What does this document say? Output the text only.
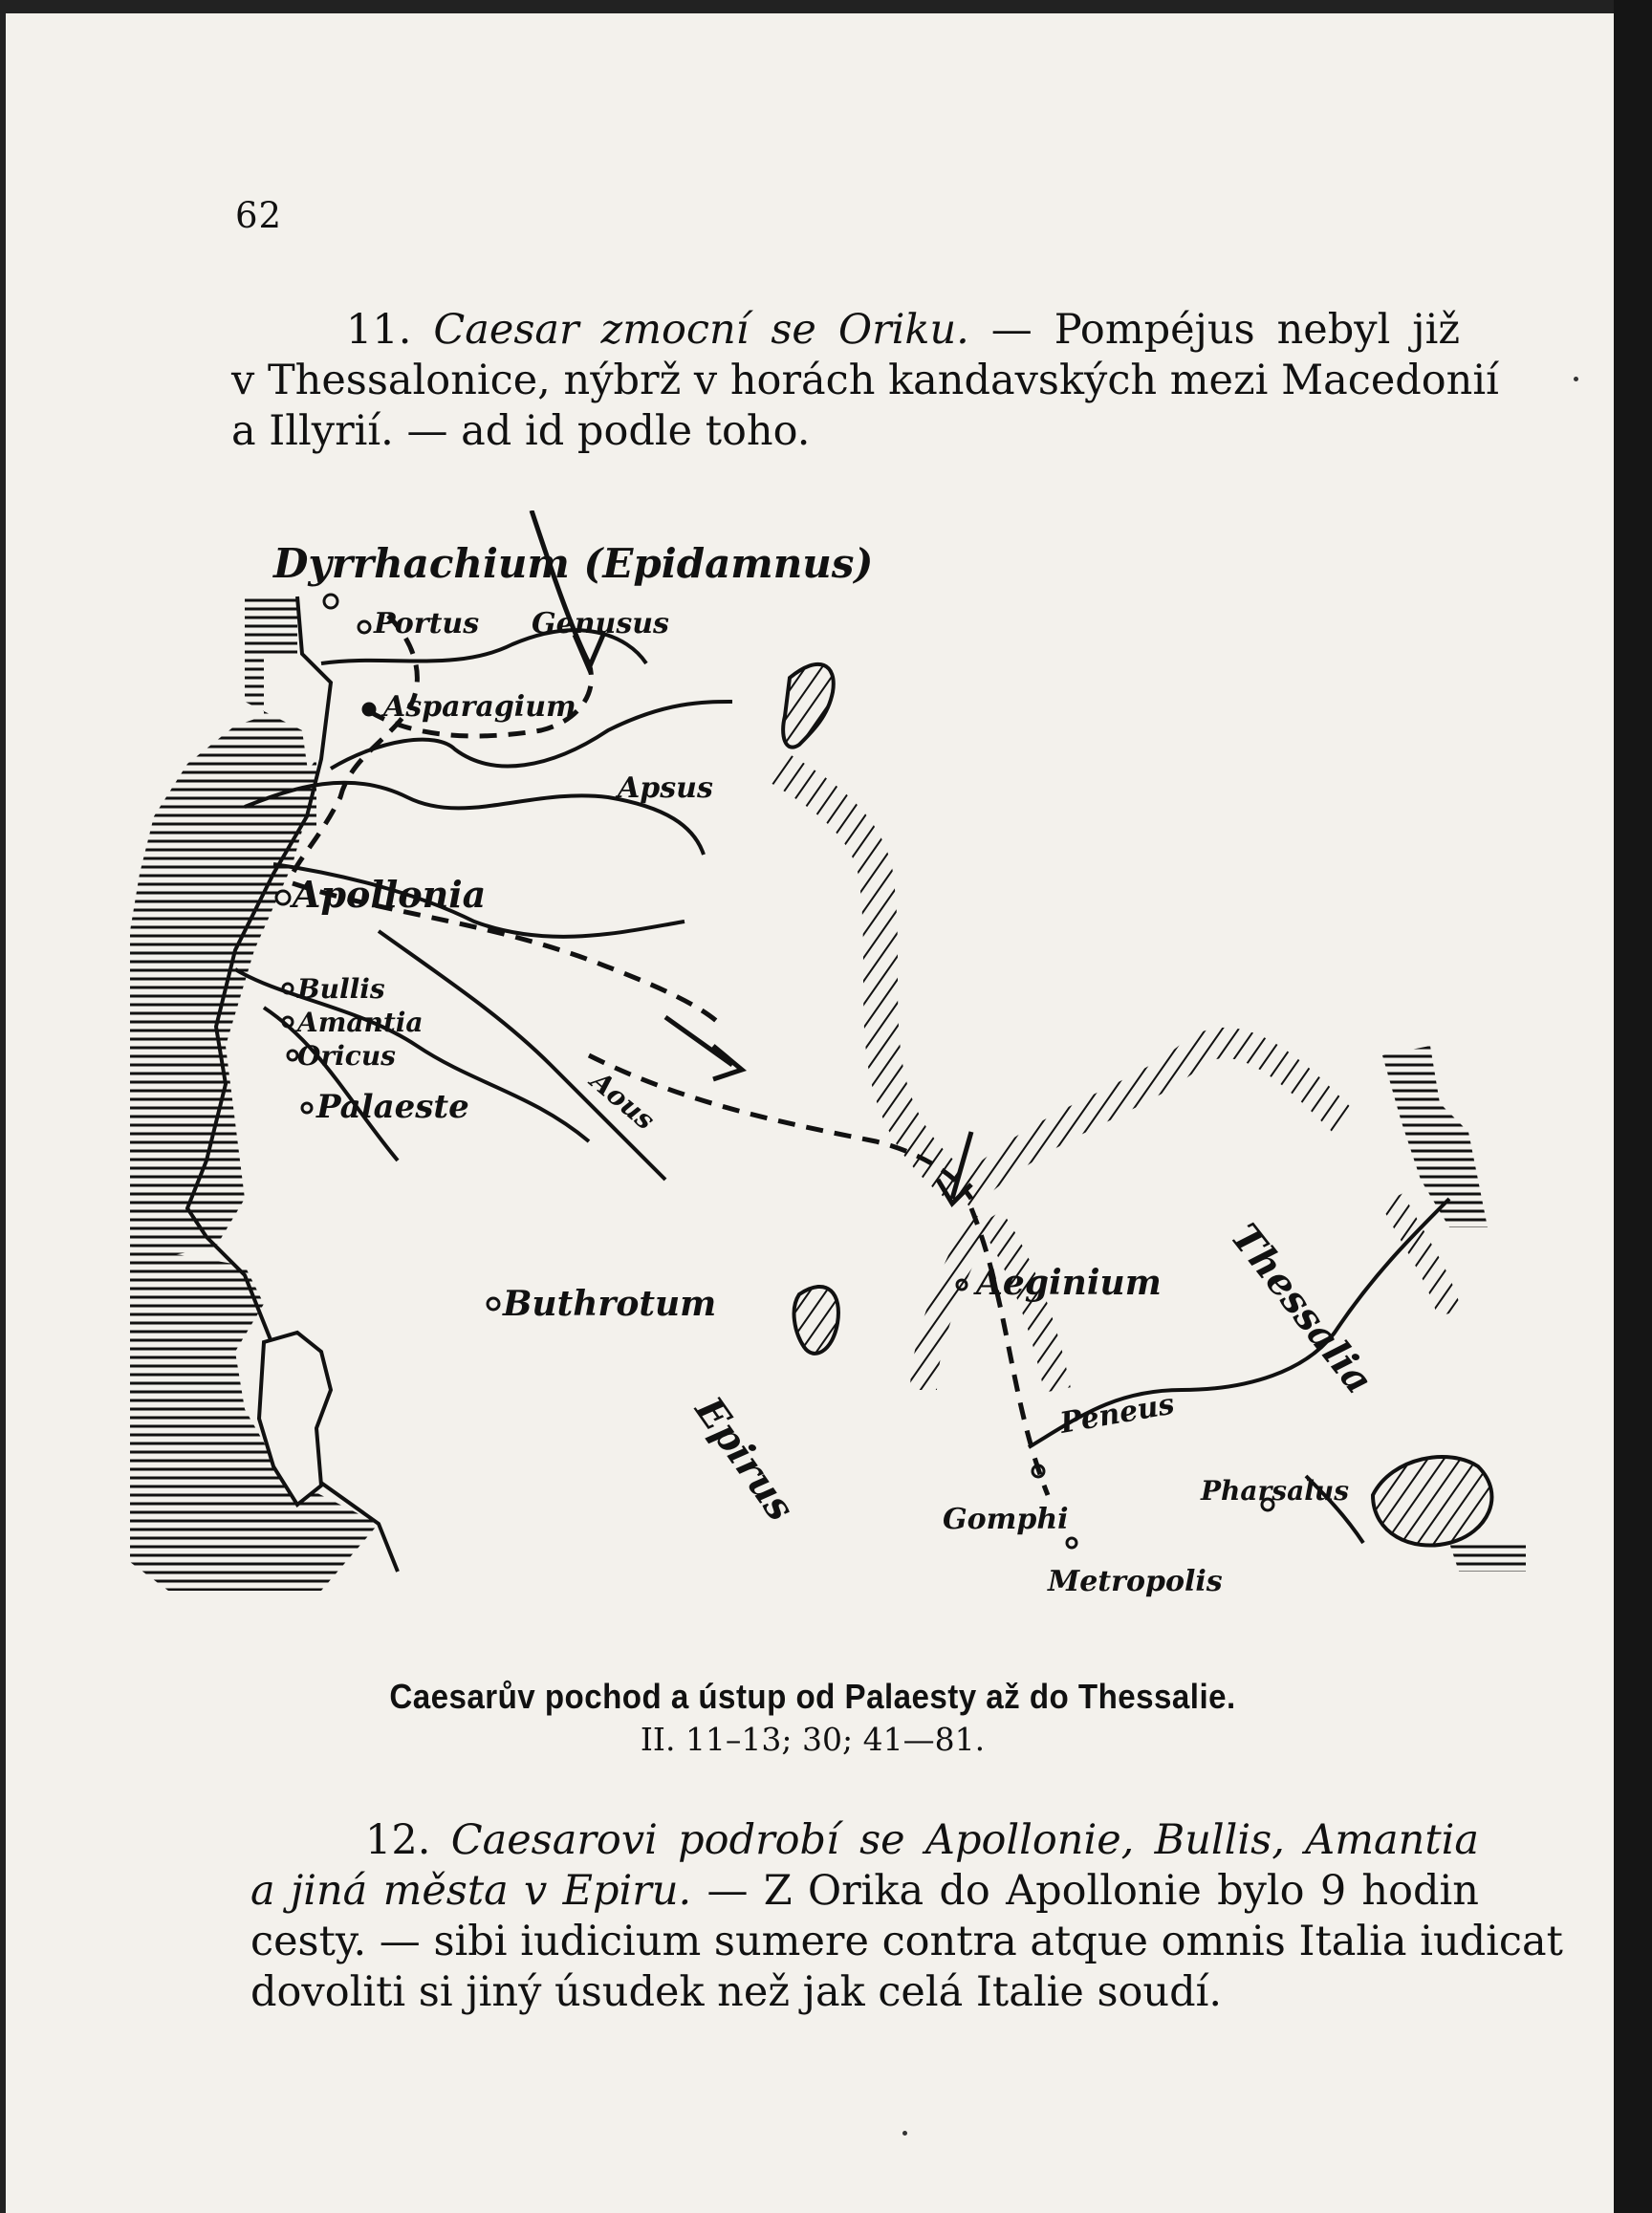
62
11. Caesar zmocní se Oriku. — Pompéjus nebyl již
v Thessalonice, nýbrž v horách kandavských mezi Macedonií
a Illyrií. — ad id podle toho.
Dyrrhachium (Epidamnus)
Portus Genusus
Asparagium
Apsus
Apollonia
Bullis
Amantia
Oricus
Palaeste	Aous
Buthrotum
Epirus
Aeginium
Peneus
Thessalia
Gomphi
Pharsalus
Metropolis
Caesarův pochod a ústup od Palaesty až do Thessalie.
II. 11–13; 30; 41—81.
12. Caesarovi podrobí se Apollonie, Bullis, Amantia
a jiná města v Epiru. — Z Orika do Apollonie bylo 9 hodin
cesty. — sibi iudicium sumere contra atque omnis Italia iudicat
dovoliti si jiný úsudek než jak celá Italie soudí.
